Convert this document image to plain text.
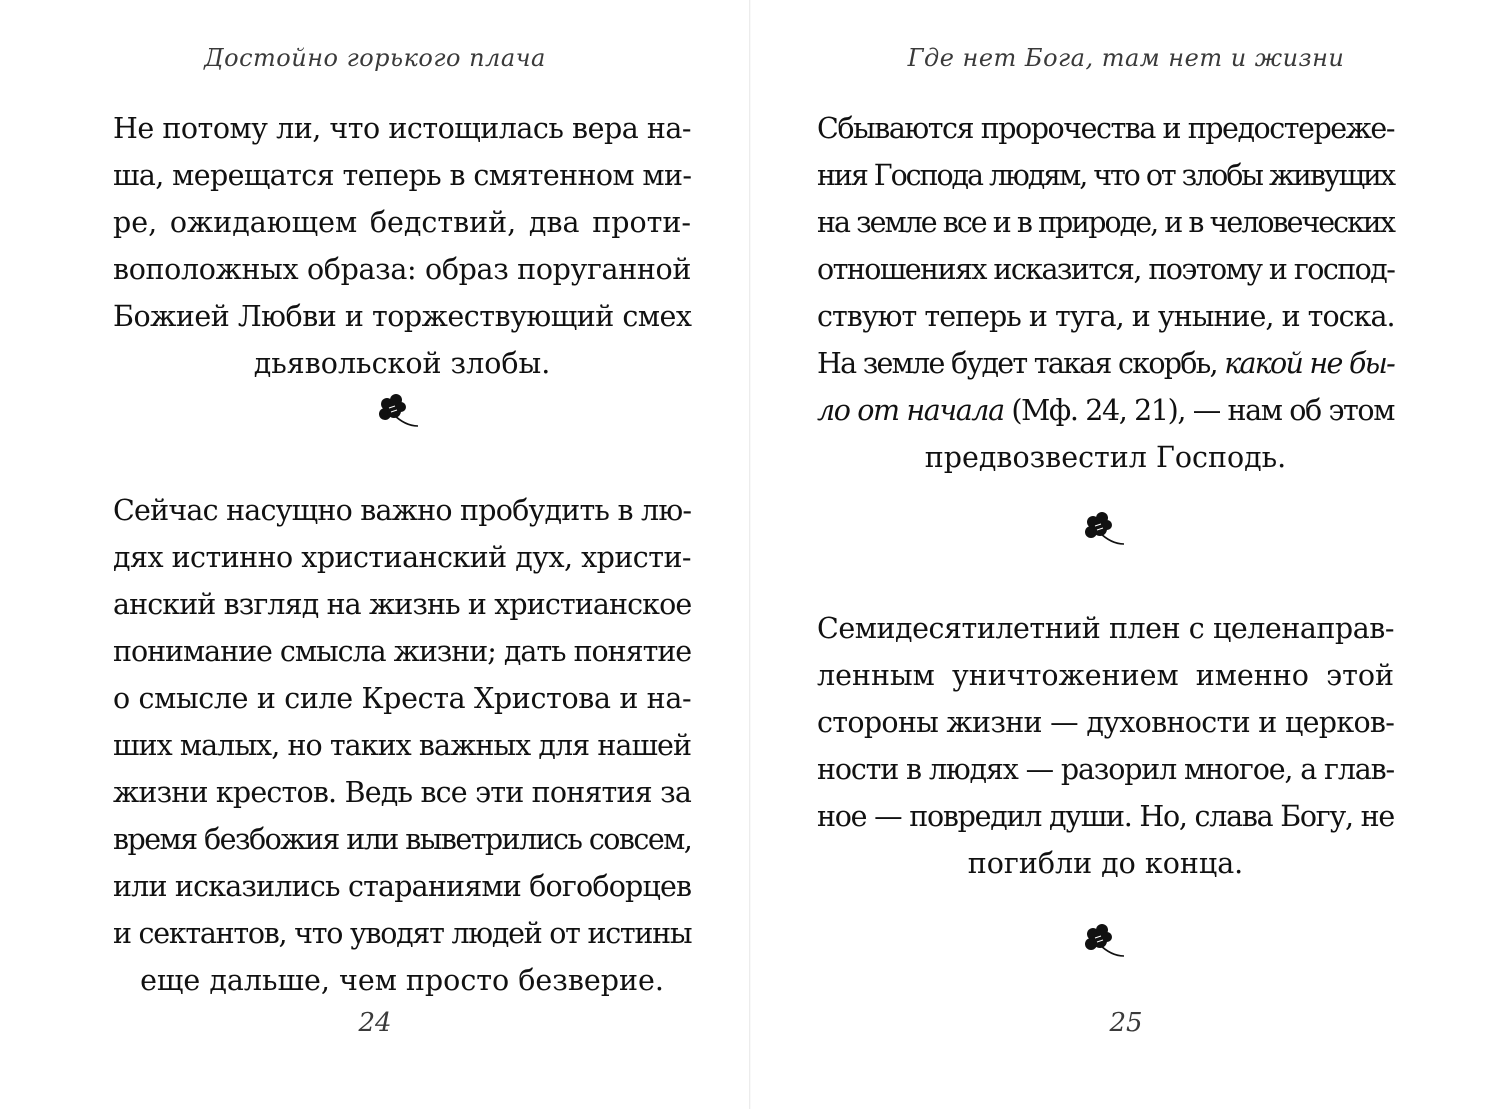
Достойно горького плача
Не потому ли, что истощилась вера на-
ша, мерещатся теперь в смятенном ми-
ре, ожидающем бедствий, два проти-
воположных образа: образ поруганной
Божией Любви и торжествующий смех
дьявольской злобы.
Сейчас насущно важно пробудить в лю-
дях истинно христианский дух, христи-
анский взгляд на жизнь и христианское
понимание смысла жизни; дать понятие
о смысле и силе Креста Христова и на-
ших малых, но таких важных для нашей
жизни крестов. Ведь все эти понятия за
время безбожия или выветрились совсем,
или исказились стараниями богоборцев
и сектантов, что уводят людей от истины
еще дальше, чем просто безверие.
24
Где нет Бога, там нет и жизни
Сбываются пророчества и предостереже-
ния Господа людям, что от злобы живущих
на земле все и в природе, и в человеческих
отношениях исказится, поэтому и господ-
ствуют теперь и туга, и уныние, и тоска.
На земле будет такая скорбь, какой не бы-
ло от начала (Мф. 24, 21), — нам об этом
предвозвестил Господь.
Семидесятилетний плен с целенаправ-
ленным уничтожением именно этой
стороны жизни — духовности и церков-
ности в людях — разорил многое, а глав-
ное — повредил души. Но, слава Богу, не
погибли до конца.
25
